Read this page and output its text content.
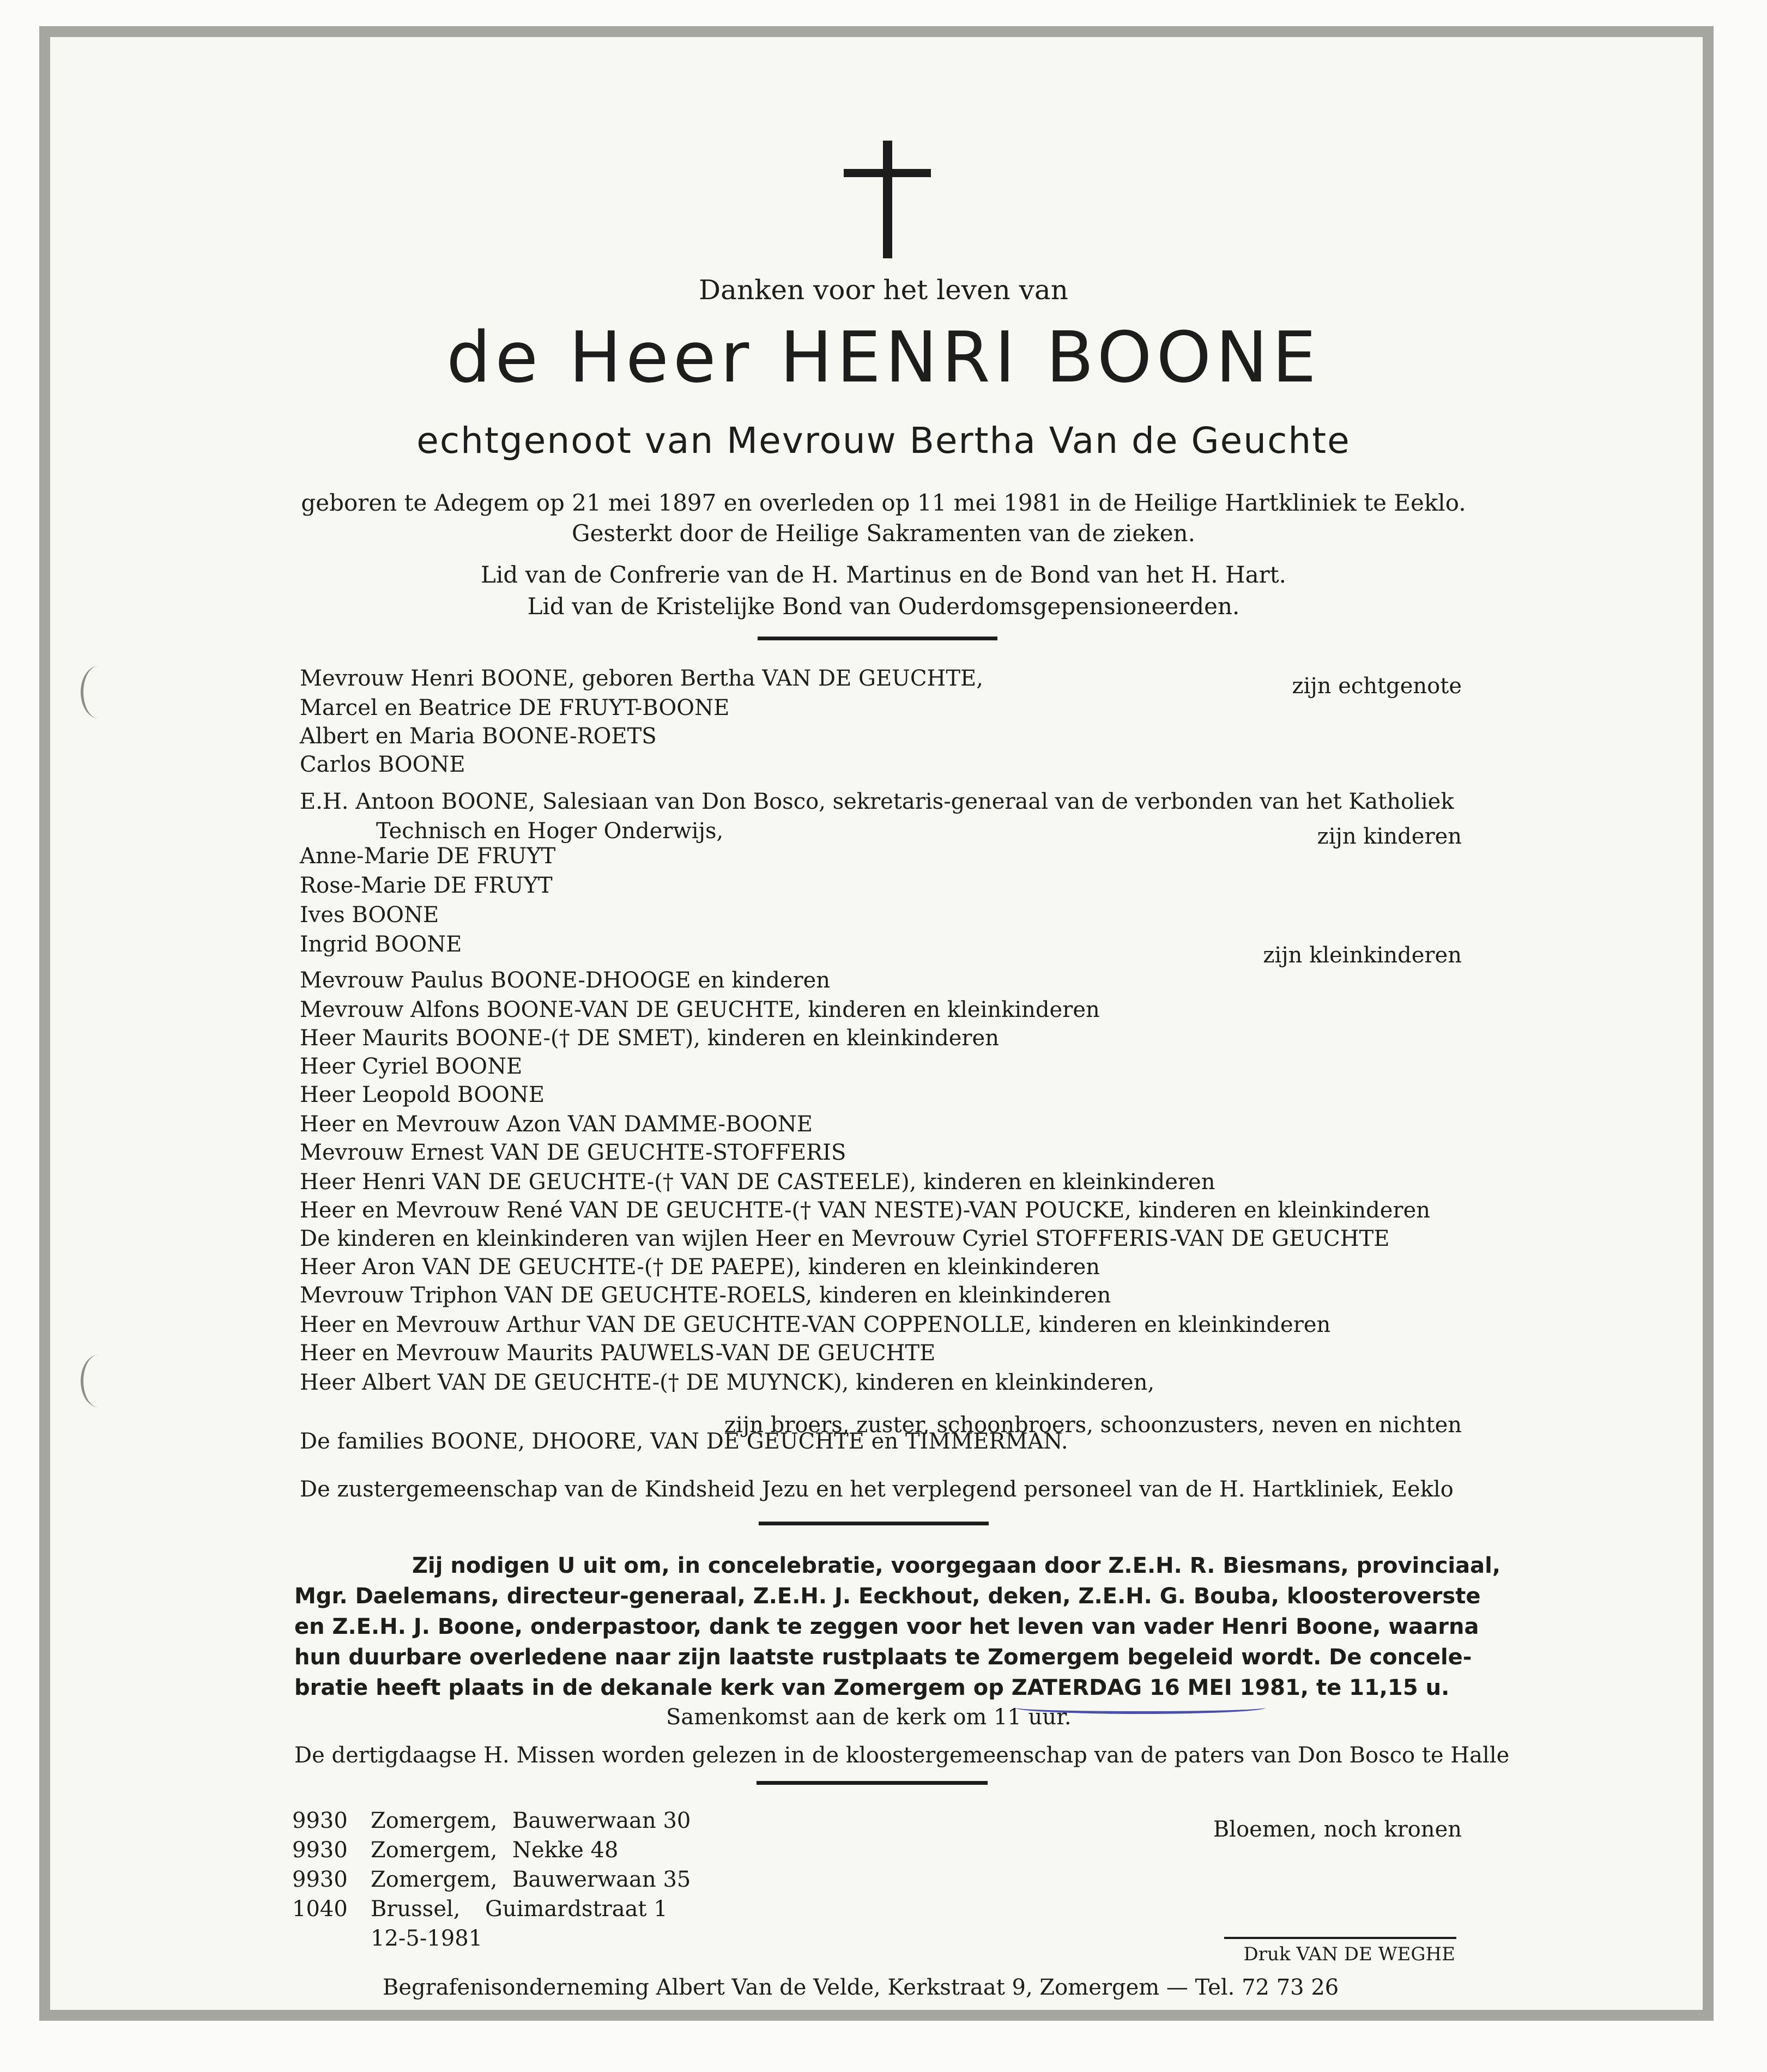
Danken voor het leven van
de Heer HENRI BOONE
echtgenoot van Mevrouw Bertha Van de Geuchte
geboren te Adegem op 21 mei 1897 en overleden op 11 mei 1981 in de Heilige Hartkliniek te Eeklo.
Gesterkt door de Heilige Sakramenten van de zieken.
Lid van de Confrerie van de H. Martinus en de Bond van het H. Hart.
Lid van de Kristelijke Bond van Ouderdomsgepensioneerden.
Mevrouw Henri BOONE, geboren Bertha VAN DE GEUCHTE,
Marcel en Beatrice DE FRUYT-BOONE
Albert en Maria BOONE-ROETS
Carlos BOONE
E.H. Antoon BOONE, Salesiaan van Don Bosco, sekretaris-generaal van de verbonden van het Katholiek
Technisch en Hoger Onderwijs,
Anne-Marie DE FRUYT
Rose-Marie DE FRUYT
Ives BOONE
Ingrid BOONE
Mevrouw Paulus BOONE-DHOOGE en kinderen
Mevrouw Alfons BOONE-VAN DE GEUCHTE, kinderen en kleinkinderen
Heer Maurits BOONE-(† DE SMET), kinderen en kleinkinderen
Heer Cyriel BOONE
Heer Leopold BOONE
Heer en Mevrouw Azon VAN DAMME-BOONE
Mevrouw Ernest VAN DE GEUCHTE-STOFFERIS
Heer Henri VAN DE GEUCHTE-(† VAN DE CASTEELE), kinderen en kleinkinderen
Heer en Mevrouw René VAN DE GEUCHTE-(† VAN NESTE)-VAN POUCKE, kinderen en kleinkinderen
De kinderen en kleinkinderen van wijlen Heer en Mevrouw Cyriel STOFFERIS-VAN DE GEUCHTE
Heer Aron VAN DE GEUCHTE-(† DE PAEPE), kinderen en kleinkinderen
Mevrouw Triphon VAN DE GEUCHTE-ROELS, kinderen en kleinkinderen
Heer en Mevrouw Arthur VAN DE GEUCHTE-VAN COPPENOLLE, kinderen en kleinkinderen
Heer en Mevrouw Maurits PAUWELS-VAN DE GEUCHTE
Heer Albert VAN DE GEUCHTE-(† DE MUYNCK), kinderen en kleinkinderen,
De families BOONE, DHOORE, VAN DE GEUCHTE en TIMMERMAN.
De zustergemeenschap van de Kindsheid Jezu en het verplegend personeel van de H. Hartkliniek, Eeklo
zijn echtgenote
zijn kinderen
zijn kleinkinderen
zijn broers, zuster, schoonbroers, schoonzusters, neven en nichten
Zij nodigen U uit om, in concelebratie, voorgegaan door Z.E.H. R. Biesmans, provinciaal,
Mgr. Daelemans, directeur-generaal, Z.E.H. J. Eeckhout, deken, Z.E.H. G. Bouba, kloosteroverste
en Z.E.H. J. Boone, onderpastoor, dank te zeggen voor het leven van vader Henri Boone, waarna
hun duurbare overledene naar zijn laatste rustplaats te Zomergem begeleid wordt. De concele-
bratie heeft plaats in de dekanale kerk van Zomergem op ZATERDAG 16 MEI 1981, te 11,15 u.
Samenkomst aan de kerk om 11 uur.
De dertigdaagse H. Missen worden gelezen in de kloostergemeenschap van de paters van Don Bosco te Halle
9930 Zomergem, Bauwerwaan 30
9930 Zomergem, Nekke 48
9930 Zomergem, Bauwerwaan 35
1040 Brussel, Guimardstraat 1
12-5-1981
Bloemen, noch kronen
Druk VAN DE WEGHE
Begrafenisonderneming Albert Van de Velde, Kerkstraat 9, Zomergem — Tel. 72 73 26
